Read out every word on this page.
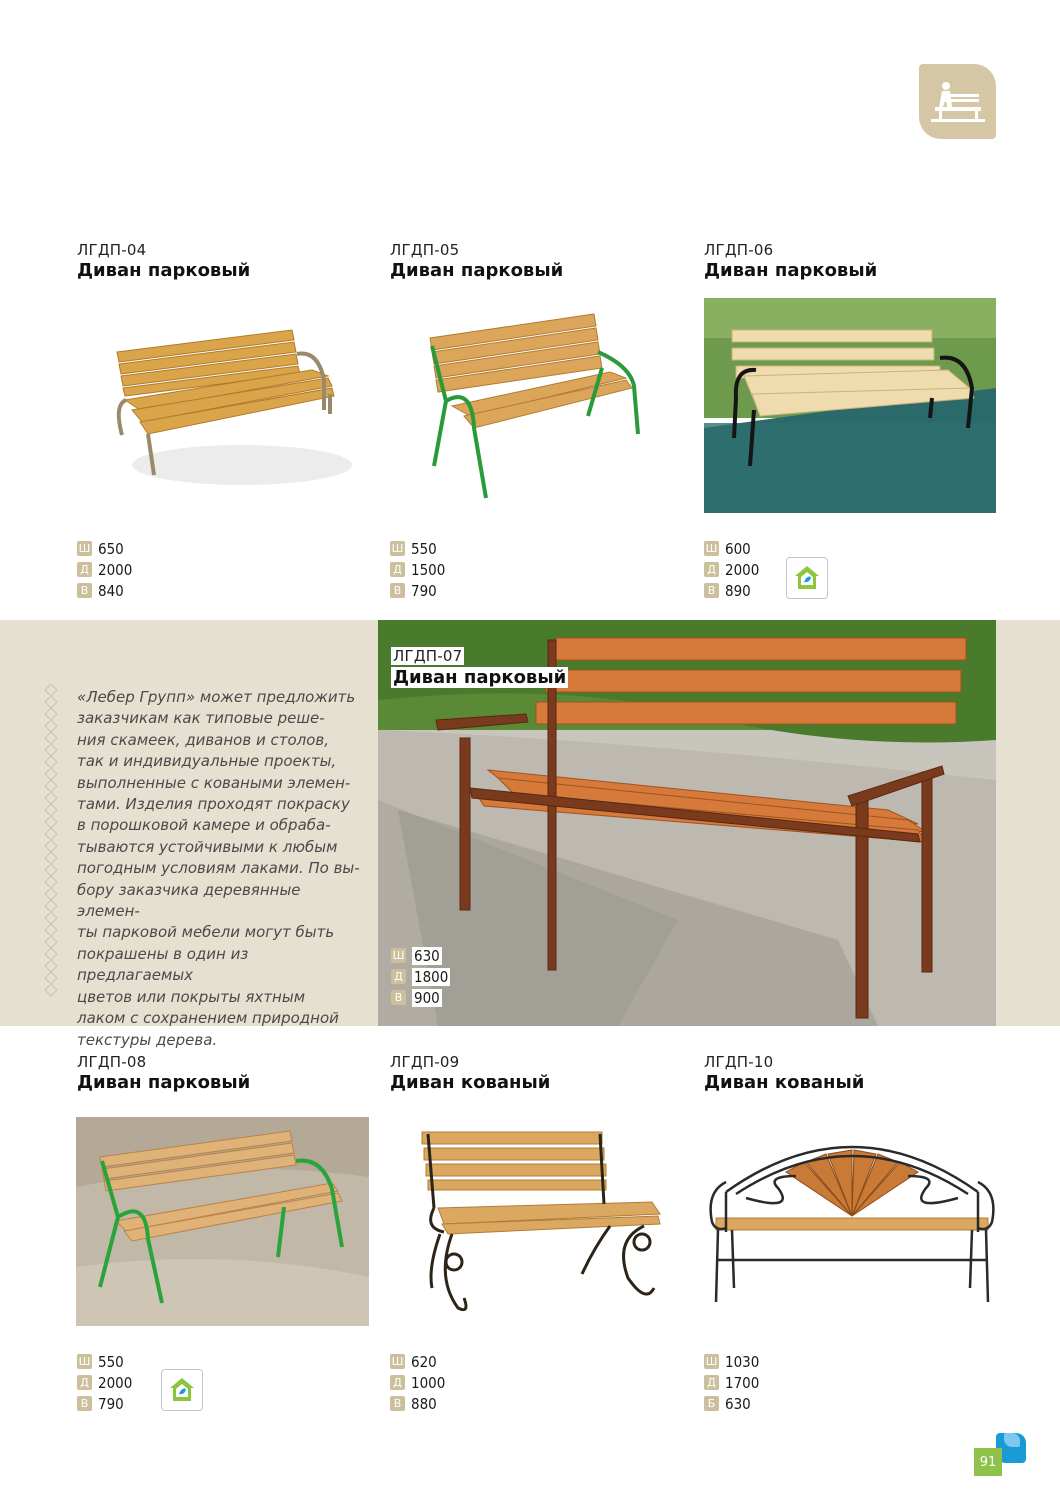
ЛГДП-04
Диван парковый
Ш 650
Д 2000
В 840
ЛГДП-05
Диван парковый
Ш 550
Д 1500
В 790
ЛГДП-06
Диван парковый
Ш 600
Д 2000
В 890

«Лебер Групп» может предложить

заказчикам как типовые реше-

ния скамеек, диванов и столов,

так и индивидуальные проекты,

выполненные с коваными элемен-

тами. Изделия проходят покраску

в порошковой камере и обраба-

тываются устойчивыми к любым

погодным условиям лаками. По вы-

бору заказчика деревянные элемен-

ты парковой мебели могут быть

покрашены в один из предлагаемых

цветов или покрыты яхтным

лаком с сохранением природной

текстуры дерева.

ЛГДП-07
Диван парковый
Ш 630
Д 1800
В 900
ЛГДП-08
Диван парковый
Ш 550
Д 2000
В 790
ЛГДП-09
Диван кованый
Ш 620
Д 1000
В 880
ЛГДП-10
Диван кованый
Ш 1030
Д 1700
Б 630
91
